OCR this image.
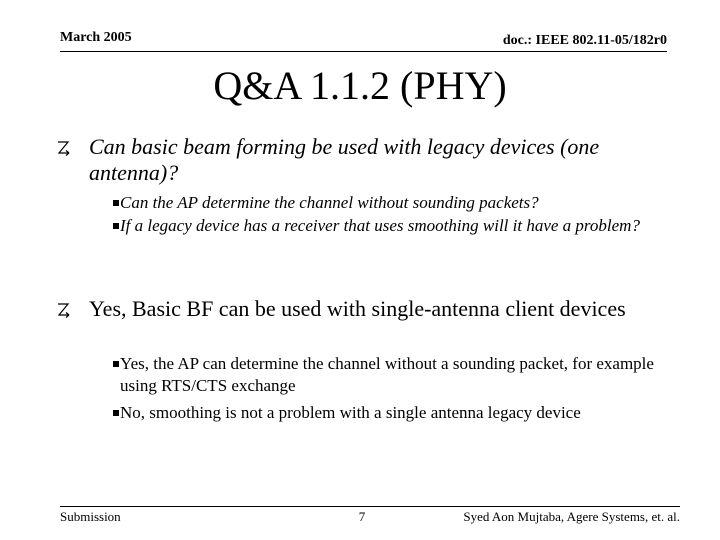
March 2005	doc.: IEEE 802.11-05/182r0
Q&A 1.1.2 (PHY)
Can basic beam forming be used with legacy devices (one antenna)?
Can the AP determine the channel without sounding packets?
If a legacy device has a receiver that uses smoothing will it have a problem?
Yes, Basic BF can be used with single-antenna client devices
Yes, the AP can determine the channel without a sounding packet, for example using RTS/CTS exchange
No, smoothing is not a problem with a single antenna legacy device
Submission	7	Syed Aon Mujtaba, Agere Systems, et. al.
